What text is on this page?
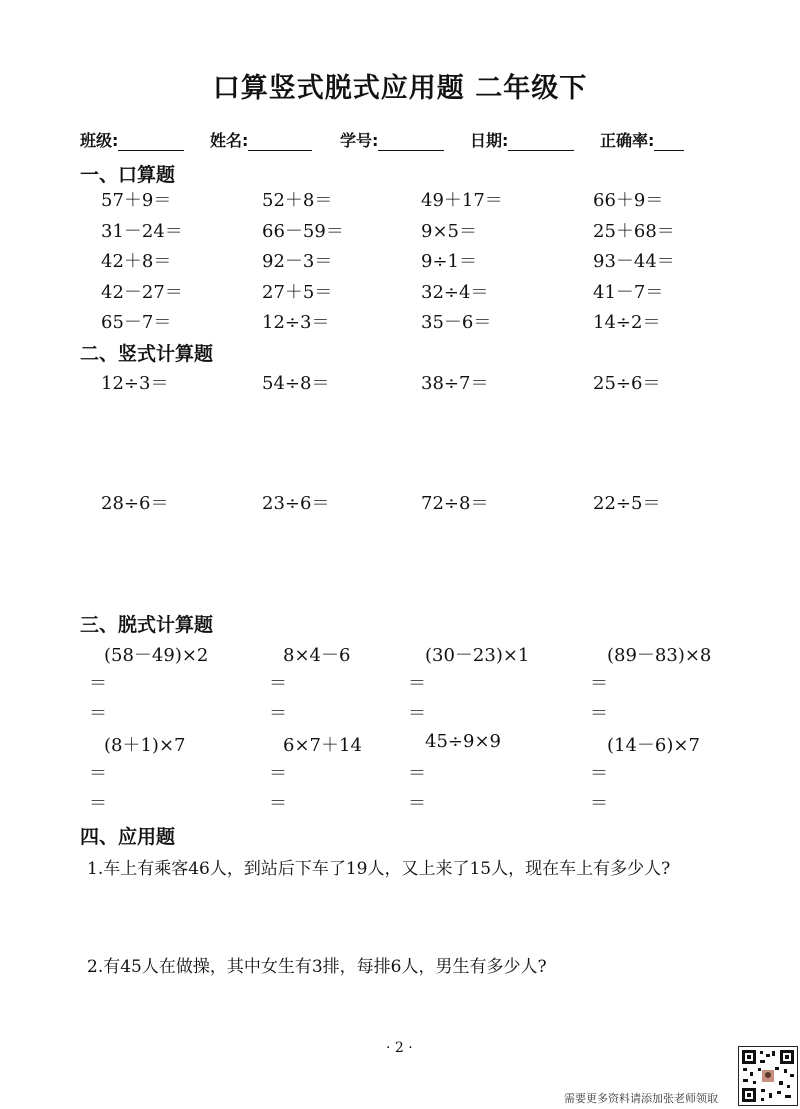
口算竖式脱式应用题 二年级下
班级:	姓名:	学号:	日期:	正确率:
一、口算题
57＋9＝	52＋8＝	49＋17＝	66＋9＝
31－24＝	66－59＝	9×5＝	25＋68＝
42＋8＝	92－3＝	9÷1＝	93－44＝
42－27＝	27＋5＝	32÷4＝	41－7＝
65－7＝	12÷3＝	35－6＝	14÷2＝
二、竖式计算题
12÷3＝	54÷8＝	38÷7＝	25÷6＝
28÷6＝	23÷6＝	72÷8＝	22÷5＝
三、脱式计算题
(58－49)×2	8×4－6	(30－23)×1	(89－83)×8
＝	＝	＝	＝
＝	＝	＝	＝
(8＋1)×7	6×7＋14	45÷9×9	(14－6)×7
＝	＝	＝	＝
＝	＝	＝	＝
四、应用题
1.车上有乘客46人，到站后下车了19人，又上来了15人，现在车上有多少人?
2.有45人在做操，其中女生有3排，每排6人，男生有多少人?
· 2 ·
需要更多资料请添加张老师领取
